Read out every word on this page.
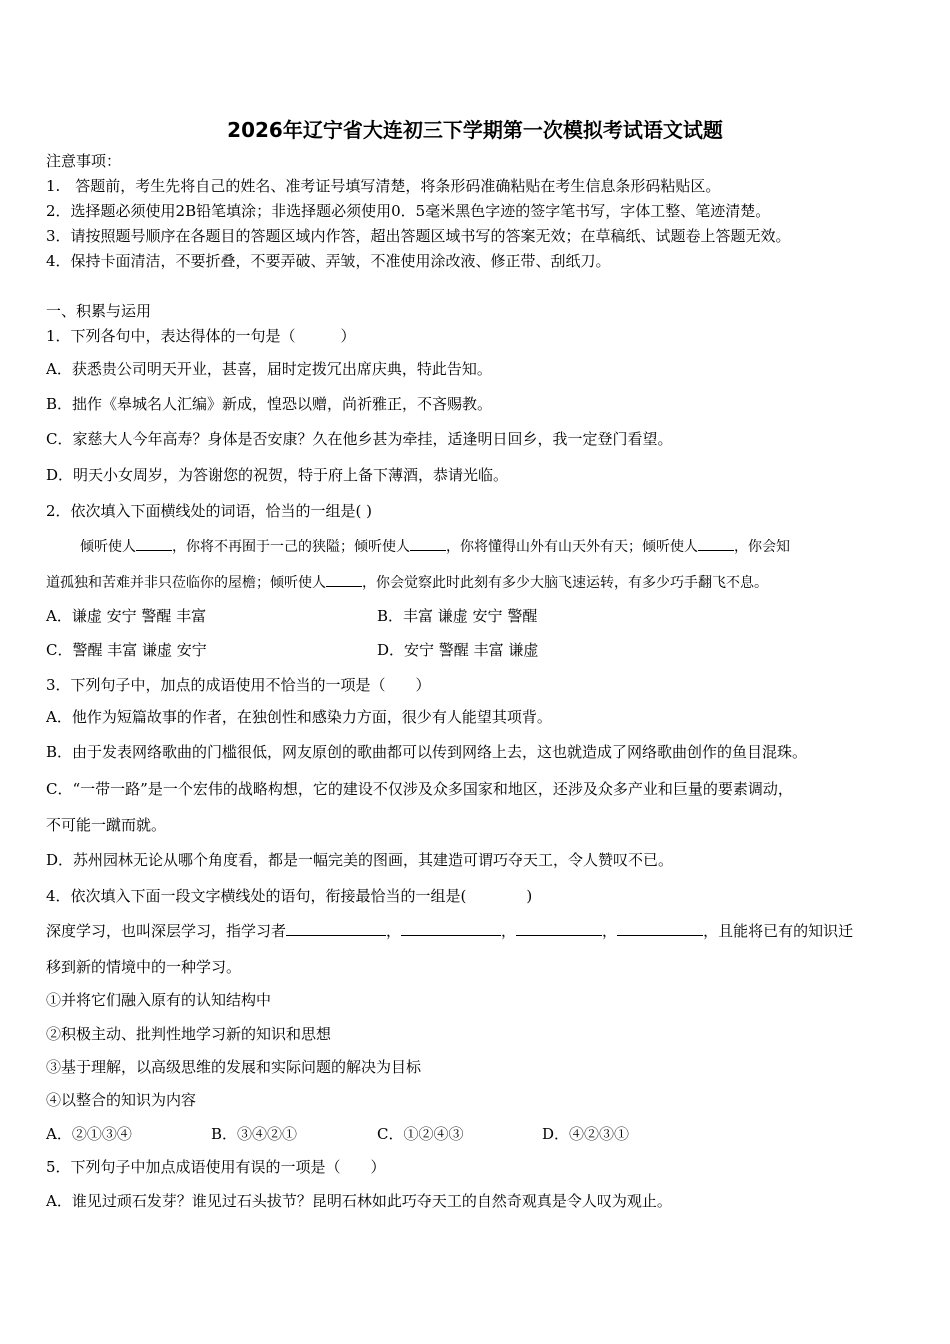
2026年辽宁省大连初三下学期第一次模拟考试语文试题
注意事项：
1.　答题前，考生先将自己的姓名、准考证号填写清楚，将条形码准确粘贴在考生信息条形码粘贴区。
2．选择题必须使用2B铅笔填涂；非选择题必须使用0．5毫米黑色字迹的签字笔书写，字体工整、笔迹清楚。
3．请按照题号顺序在各题目的答题区域内作答，超出答题区域书写的答案无效；在草稿纸、试题卷上答题无效。
4．保持卡面清洁，不要折叠，不要弄破、弄皱，不准使用涂改液、修正带、刮纸刀。
一、积累与运用
1．下列各句中，表达得体的一句是（　　　）
A．获悉贵公司明天开业，甚喜，届时定拨冗出席庆典，特此告知。
B．拙作《皋城名人汇编》新成，惶恐以赠，尚祈雅正，不吝赐教。
C．家慈大人今年高寿？身体是否安康？久在他乡甚为牵挂，适逢明日回乡，我一定登门看望。
D．明天小女周岁，为答谢您的祝贺，特于府上备下薄酒，恭请光临。
2．依次填入下面横线处的词语，恰当的一组是( )
倾听使人	，你将不再囿于一己的狭隘；倾听使人	，你将懂得山外有山天外有天；倾听使人	，你会知
道孤独和苦难并非只莅临你的屋檐；倾听使人	，你会觉察此时此刻有多少大脑飞速运转，有多少巧手翻飞不息。
A．谦虚 安宁 警醒 丰富	B．丰富 谦虚 安宁 警醒
C．警醒 丰富 谦虚 安宁	D．安宁 警醒 丰富 谦虚
3．下列句子中，加点的成语使用不恰当的一项是（　　）
A．他作为短篇故事的作者，在独创性和感染力方面，很少有人能望其项背。
B．由于发表网络歌曲的门槛很低，网友原创的歌曲都可以传到网络上去，这也就造成了网络歌曲创作的鱼目混珠。
C．“一带一路”是一个宏伟的战略构想，它的建设不仅涉及众多国家和地区，还涉及众多产业和巨量的要素调动，
不可能一蹴而就。
D．苏州园林无论从哪个角度看，都是一幅完美的图画，其建造可谓巧夺天工，令人赞叹不已。
4．依次填入下面一段文字横线处的语句，衔接最恰当的一组是(　　　　)
深度学习，也叫深层学习，指学习者	，	，	，	，且能将已有的知识迁
移到新的情境中的一种学习。
①并将它们融入原有的认知结构中
②积极主动、批判性地学习新的知识和思想
③基于理解，以高级思维的发展和实际问题的解决为目标
④以整合的知识为内容
A．②①③④	B．③④②①	C．①②④③	D．④②③①
5．下列句子中加点成语使用有误的一项是（　　）
A．谁见过顽石发芽？谁见过石头拔节？昆明石林如此巧夺天工的自然奇观真是令人叹为观止。
